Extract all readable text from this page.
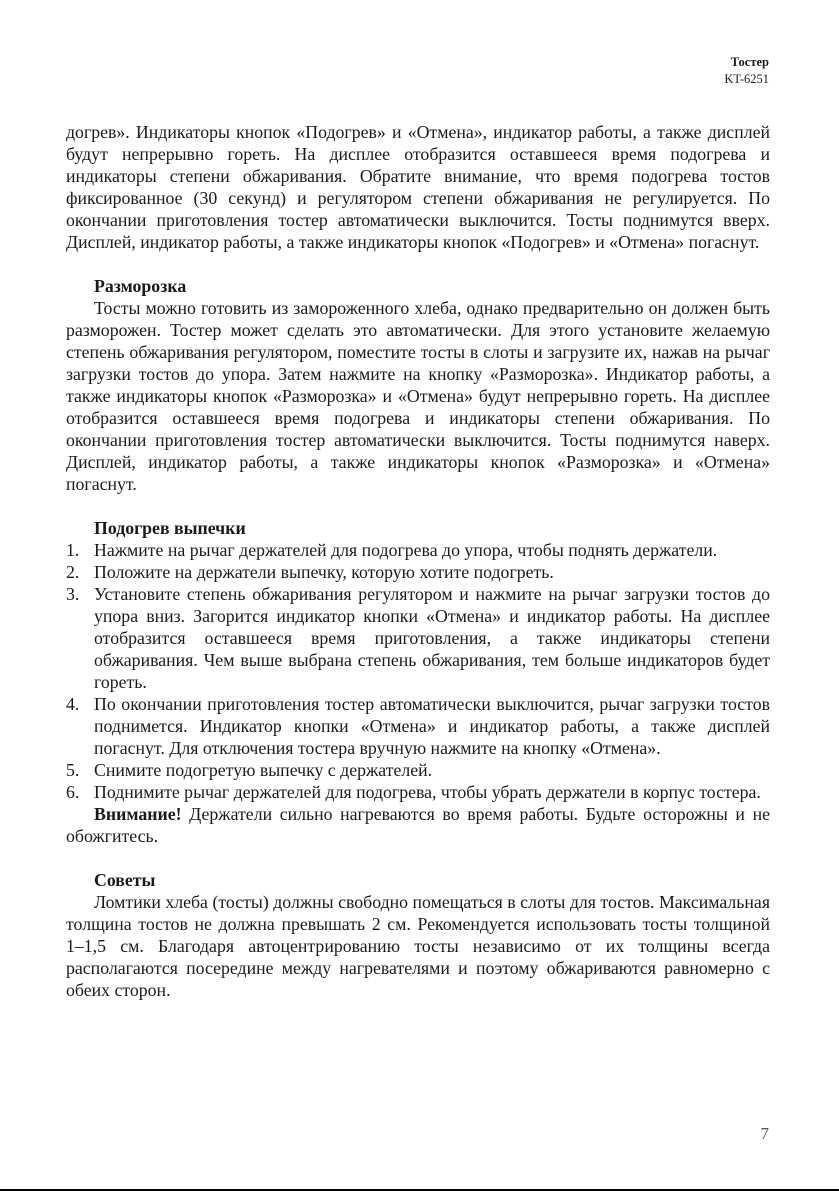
Тостер
KT-6251

догрев». Индикаторы кнопок «Подогрев» и «Отмена», индикатор работы, а также дисплей будут непрерывно гореть. На дисплее отобразится оставшееся время подогрева и индикаторы степени обжаривания. Обратите внимание, что время подогрева тостов фиксированное (30 секунд) и регулятором степени обжаривания не регулируется. По окончании приготовления тостер автоматически выключится. Тосты поднимутся вверх. Дисплей, индикатор работы, а также индикаторы кнопок «Подогрев» и «Отмена» погаснут.

Разморозка

Тосты можно готовить из замороженного хлеба, однако предварительно он должен быть разморожен. Тостер может сделать это автоматически. Для этого установите желаемую степень обжаривания регулятором, поместите тосты в слоты и загрузите их, нажав на рычаг загрузки тостов до упора. Затем нажмите на кнопку «Разморозка». Индикатор работы, а также индикаторы кнопок «Разморозка» и «Отмена» будут непрерывно гореть. На дисплее отобразится оставшееся время подогрева и индикаторы степени обжаривания. По окончании приготовления тостер автоматически выключится. Тосты поднимутся наверх. Дисплей, индикатор работы, а также индикаторы кнопок «Разморозка» и «Отмена» погаснут.

Подогрев выпечки
1. Нажмите на рычаг держателей для подогрева до упора, чтобы поднять держатели.
2. Положите на держатели выпечку, которую хотите подогреть.
3. Установите степень обжаривания регулятором и нажмите на рычаг загрузки тостов до упора вниз. Загорится индикатор кнопки «Отмена» и индикатор работы. На дисплее отобразится оставшееся время приготовления, а также индикаторы степени обжаривания. Чем выше выбрана степень обжаривания, тем больше индикаторов будет гореть.
4. По окончании приготовления тостер автоматически выключится, рычаг загрузки тостов поднимется. Индикатор кнопки «Отмена» и индикатор работы, а также дисплей погаснут. Для отключения тостера вручную нажмите на кнопку «Отмена».
5. Снимите подогретую выпечку с держателей.
6. Поднимите рычаг держателей для подогрева, чтобы убрать держатели в корпус тостера.

Внимание! Держатели сильно нагреваются во время работы. Будьте осторожны и не обожгитесь.

Советы

Ломтики хлеба (тосты) должны свободно помещаться в слоты для тостов. Максимальная толщина тостов не должна превышать 2 см. Рекомендуется использовать тосты толщиной 1–1,5 см. Благодаря автоцентрированию тосты независимо от их толщины всегда располагаются посередине между нагревателями и поэтому обжариваются равномерно с обеих сторон.

7
